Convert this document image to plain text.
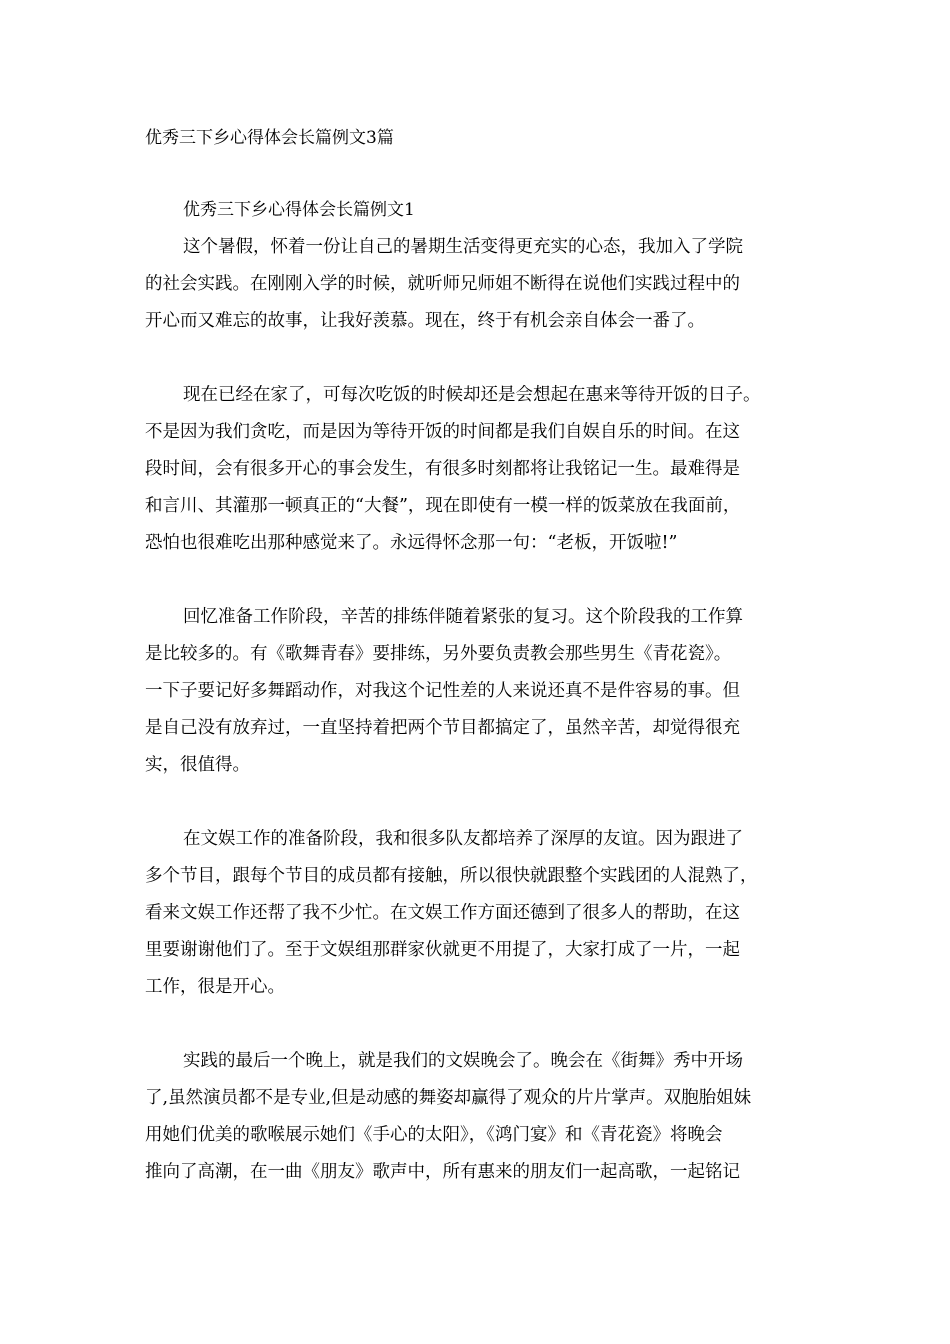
优秀三下乡心得体会长篇例文3篇
优秀三下乡心得体会长篇例文1
这个暑假，怀着一份让自己的暑期生活变得更充实的心态，我加入了学院
的社会实践。在刚刚入学的时候，就听师兄师姐不断得在说他们实践过程中的
开心而又难忘的故事，让我好羡慕。现在，终于有机会亲自体会一番了。
现在已经在家了，可每次吃饭的时候却还是会想起在惠来等待开饭的日子。
不是因为我们贪吃，而是因为等待开饭的时间都是我们自娱自乐的时间。在这
段时间，会有很多开心的事会发生，有很多时刻都将让我铭记一生。最难得是
和言川、其灌那一顿真正的“大餐”，现在即使有一模一样的饭菜放在我面前，
恐怕也很难吃出那种感觉来了。永远得怀念那一句：“老板，开饭啦!”
回忆准备工作阶段，辛苦的排练伴随着紧张的复习。这个阶段我的工作算
是比较多的。有《歌舞青春》要排练，另外要负责教会那些男生《青花瓷》。
一下子要记好多舞蹈动作，对我这个记性差的人来说还真不是件容易的事。但
是自己没有放弃过，一直坚持着把两个节目都搞定了，虽然辛苦，却觉得很充
实，很值得。
在文娱工作的准备阶段，我和很多队友都培养了深厚的友谊。因为跟进了
多个节目，跟每个节目的成员都有接触，所以很快就跟整个实践团的人混熟了，
看来文娱工作还帮了我不少忙。在文娱工作方面还德到了很多人的帮助，在这
里要谢谢他们了。至于文娱组那群家伙就更不用提了，大家打成了一片，一起
工作，很是开心。
实践的最后一个晚上，就是我们的文娱晚会了。晚会在《街舞》秀中开场
了,虽然演员都不是专业,但是动感的舞姿却赢得了观众的片片掌声。双胞胎姐妹
用她们优美的歌喉展示她们《手心的太阳》，《鸿门宴》和《青花瓷》将晚会
推向了高潮，在一曲《朋友》歌声中，所有惠来的朋友们一起高歌，一起铭记
